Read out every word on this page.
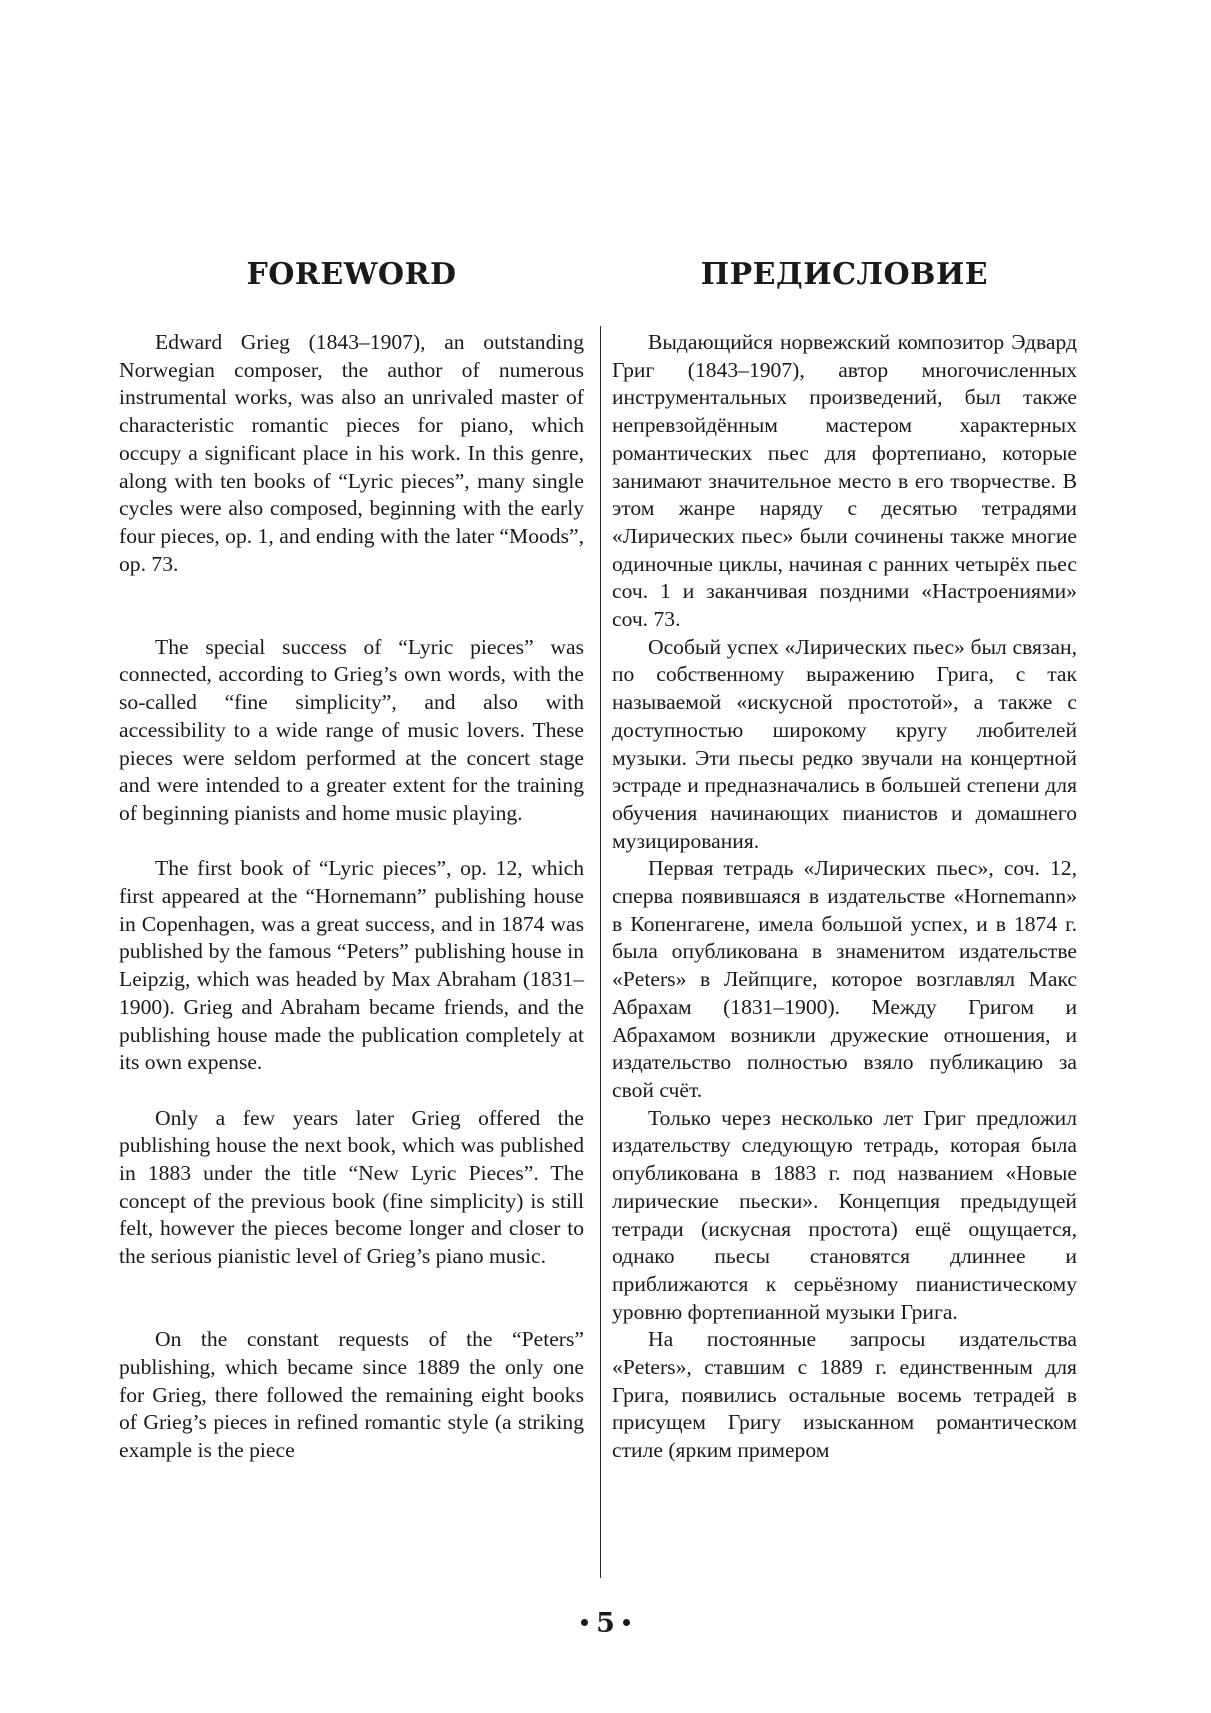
FOREWORD

Edward Grieg (1843–1907), an outstanding Norwegian composer, the author of numerous instrumental works, was also an unrivaled master of characteristic romantic pieces for piano, which occupy a significant place in his work. In this genre, along with ten books of “Lyric pieces”, many single cycles were also composed, beginning with the early four pieces, op. 1, and ending with the later “Moods”, op. 73.

The special success of “Lyric pieces” was connected, according to Grieg’s own words, with the so-called “fine simplicity”, and also with accessibility to a wide range of music lovers. These pieces were seldom performed at the concert stage and were intended to a greater extent for the training of beginning pianists and home music playing.

The first book of “Lyric pieces”, op. 12, which first appeared at the “Hornemann” publishing house in Copenhagen, was a great success, and in 1874 was published by the famous “Peters” publishing house in Leipzig, which was headed by Max Abraham (1831–1900). Grieg and Abraham became friends, and the publishing house made the publication completely at its own expense.

Only a few years later Grieg offered the publishing house the next book, which was published in 1883 under the title “New Lyric Pieces”. The concept of the previous book (fine simplicity) is still felt, however the pieces become longer and closer to the serious pianistic level of Grieg’s piano music.

On the constant requests of the “Peters” publishing, which became since 1889 the only one for Grieg, there followed the remaining eight books of Grieg’s pieces in refined romantic style (a striking example is the piece

ПРЕДИСЛОВИЕ

Выдающийся норвежский композитор Эдвард Григ (1843–1907), автор многочисленных инструментальных произведений, был также непревзойдённым мастером характерных романтических пьес для фортепиано, которые занимают значительное место в его творчестве. В этом жанре наряду с десятью тетрадями «Лирических пьес» были сочинены также многие одиночные циклы, начиная с ранних четырёх пьес соч. 1 и заканчивая поздними «Настроениями» соч. 73.

Особый успех «Лирических пьес» был связан, по собственному выражению Грига, с так называемой «искусной простотой», а также с доступностью широкому кругу любителей музыки. Эти пьесы редко звучали на концертной эстраде и предназначались в большей степени для обучения начинающих пианистов и домашнего музицирования.

Первая тетрадь «Лирических пьес», соч. 12, сперва появившаяся в издательстве «Hornemann» в Копенгагене, имела большой успех, и в 1874 г. была опубликована в знаменитом издательстве «Peters» в Лейпциге, которое возглавлял Макс Абрахам (1831–1900). Между Григом и Абрахамом возникли дружеские отношения, и издательство полностью взяло публикацию за свой счёт.

Только через несколько лет Григ предложил издательству следующую тетрадь, которая была опубликована в 1883 г. под названием «Новые лирические пьески». Концепция предыдущей тетради (искусная простота) ещё ощущается, однако пьесы становятся длиннее и приближаются к серьёзному пианистическому уровню фортепианной музыки Грига.

На постоянные запросы издательства «Peters», ставшим с 1889 г. единственным для Грига, появились остальные восемь тетрадей в присущем Григу изысканном романтическом стиле (ярким примером

5
